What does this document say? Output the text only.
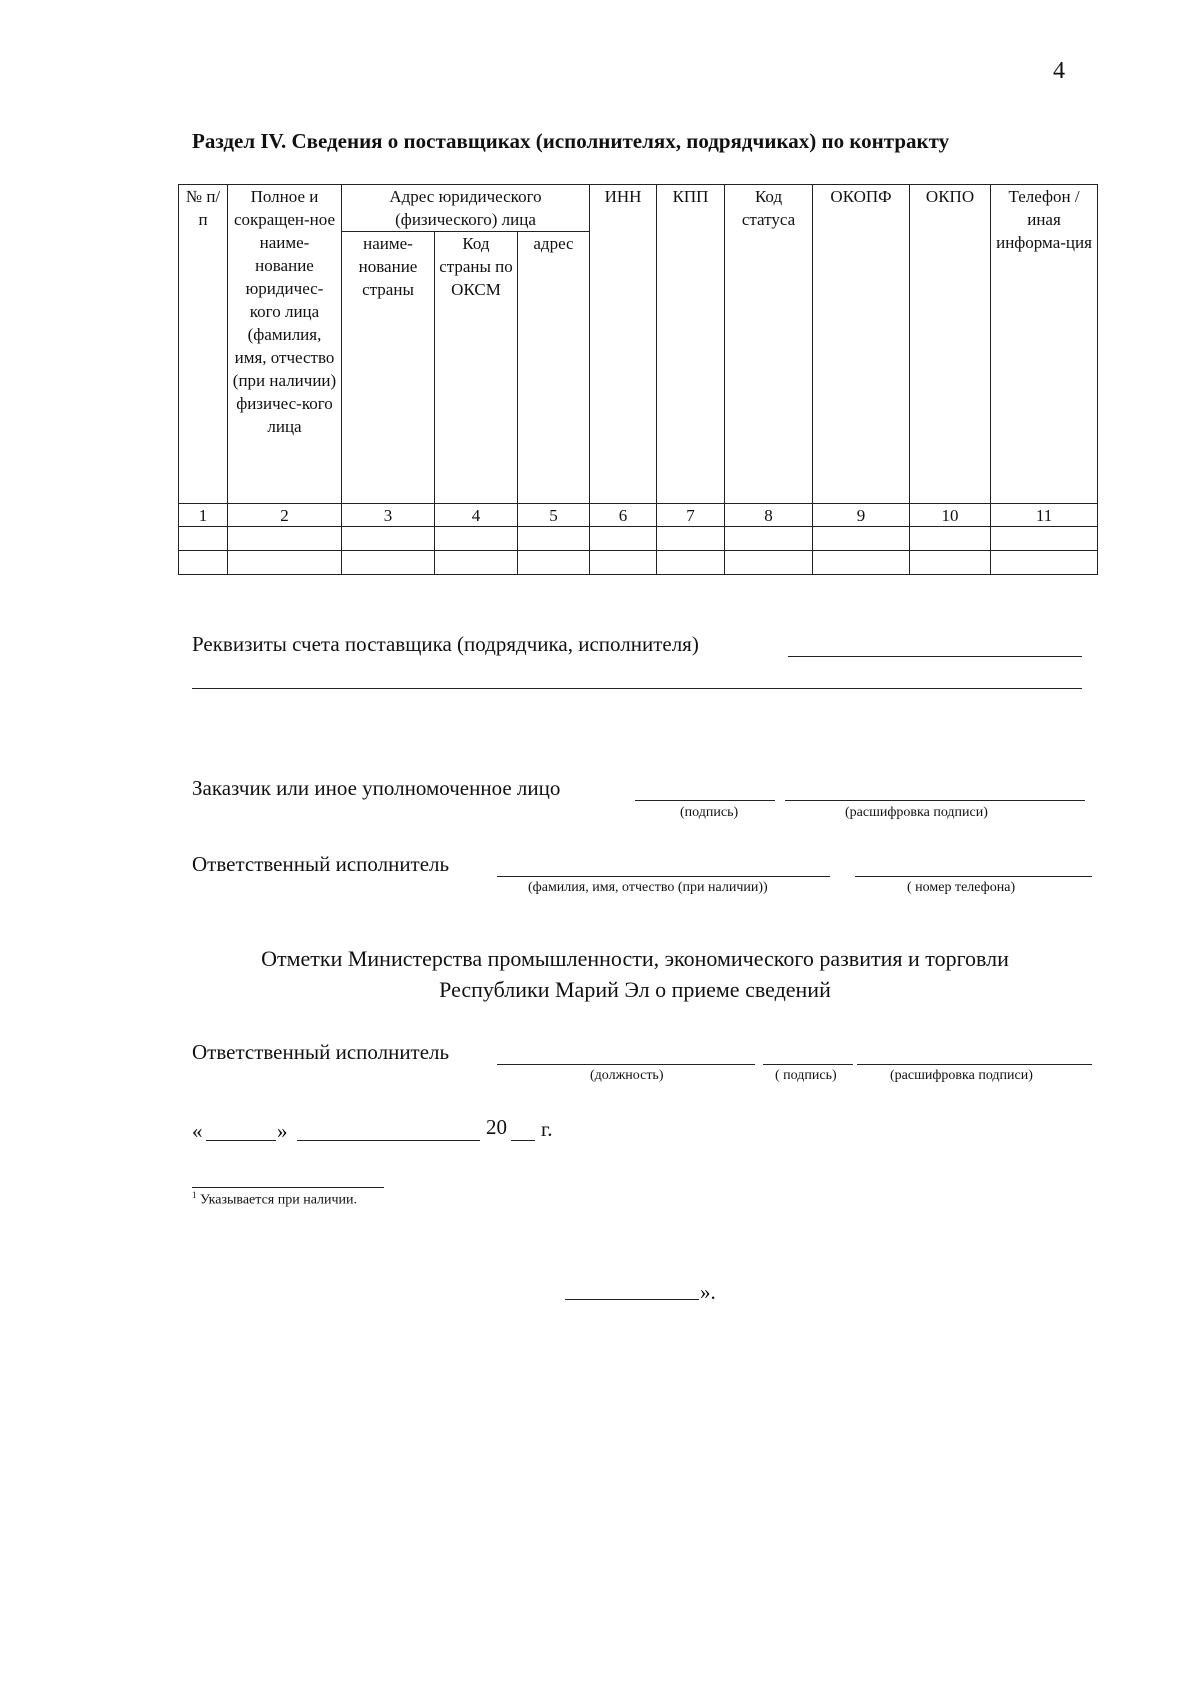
4
Раздел IV. Сведения о поставщиках (исполнителях, подрядчиках) по контракту
№ п/п	Полное и сокращен-ное наиме-нование юридичес-кого лица (фамилия, имя, отчество (при наличии) физичес-кого лица	Адрес юридического (физического) лица			ИНН	КПП	Код статуса	ОКОПФ	ОКПО	Телефон /иная информа-ция
		наиме-нование страны	Код страны по ОКСМ	адрес						
1	2	3	4	5	6	7	8	9	10	11

Реквизиты счета поставщика (подрядчика, исполнителя)
Заказчик или иное уполномоченное лицо
(подпись)	(расшифровка подписи)
Ответственный исполнитель
(фамилия, имя, отчество (при наличии))	( номер телефона)
Отметки Министерства промышленности, экономического развития и торговли
Республики Марий Эл о приеме сведений
Ответственный исполнитель
(должность)	( подпись)	(расшифровка подписи)
«	»	20 г.
$^1$ Указывается при наличии.
».
